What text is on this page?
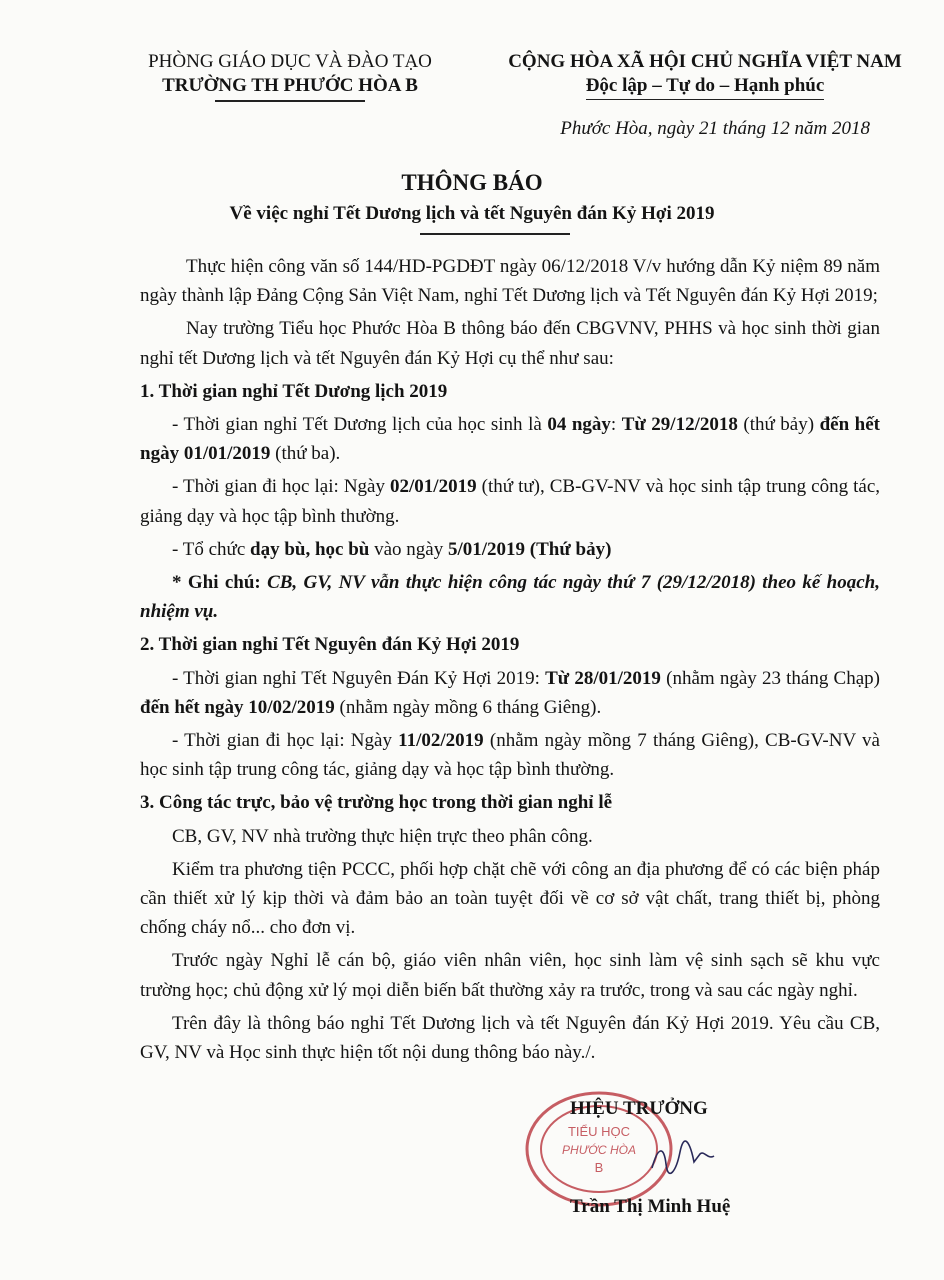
PHÒNG GIÁO DỤC VÀ ĐÀO TẠO
TRƯỜNG TH PHƯỚC HÒA B
CỘNG HÒA XÃ HỘI CHỦ NGHĨA VIỆT NAM
Độc lập – Tự do – Hạnh phúc
Phước Hòa, ngày 21 tháng 12 năm 2018
THÔNG BÁO
Về việc nghỉ Tết Dương lịch và tết Nguyên đán Kỷ Hợi 2019

Thực hiện công văn số 144/HD-PGDĐT ngày 06/12/2018 V/v hướng dẫn Kỷ niệm 89 năm ngày thành lập Đảng Cộng Sản Việt Nam, nghỉ Tết Dương lịch và Tết Nguyên đán Kỷ Hợi 2019;

Nay trường Tiểu học Phước Hòa B thông báo đến CBGVNV, PHHS và học sinh thời gian nghỉ tết Dương lịch và tết Nguyên đán Kỷ Hợi cụ thể như sau:

1. Thời gian nghỉ Tết Dương lịch 2019

- Thời gian nghỉ Tết Dương lịch của học sinh là 04 ngày: Từ 29/12/2018 (thứ bảy) đến hết ngày 01/01/2019 (thứ ba).

- Thời gian đi học lại: Ngày 02/01/2019 (thứ tư), CB-GV-NV và học sinh tập trung công tác, giảng dạy và học tập bình thường.

- Tổ chức dạy bù, học bù vào ngày 5/01/2019 (Thứ bảy)

* Ghi chú: CB, GV, NV vẫn thực hiện công tác ngày thứ 7 (29/12/2018) theo kế hoạch, nhiệm vụ.

2. Thời gian nghỉ Tết Nguyên đán Kỷ Hợi 2019

- Thời gian nghỉ Tết Nguyên Đán Kỷ Hợi 2019: Từ 28/01/2019 (nhằm ngày 23 tháng Chạp) đến hết ngày 10/02/2019 (nhằm ngày mồng 6 tháng Giêng).

- Thời gian đi học lại: Ngày 11/02/2019 (nhằm ngày mồng 7 tháng Giêng), CB-GV-NV và học sinh tập trung công tác, giảng dạy và học tập bình thường.

3. Công tác trực, bảo vệ trường học trong thời gian nghỉ lễ

CB, GV, NV nhà trường thực hiện trực theo phân công.

Kiểm tra phương tiện PCCC, phối hợp chặt chẽ với công an địa phương để có các biện pháp cần thiết xử lý kịp thời và đảm bảo an toàn tuyệt đối về cơ sở vật chất, trang thiết bị, phòng chống cháy nổ... cho đơn vị.

Trước ngày Nghỉ lễ cán bộ, giáo viên nhân viên, học sinh làm vệ sinh sạch sẽ khu vực trường học; chủ động xử lý mọi diễn biến bất thường xảy ra trước, trong và sau các ngày nghỉ.

Trên đây là thông báo nghỉ Tết Dương lịch và tết Nguyên đán Kỷ Hợi 2019. Yêu cầu CB, GV, NV và Học sinh thực hiện tốt nội dung thông báo này./.

TIỂU HỌC
PHƯỚC HÒA
B
HIỆU TRƯỞNG
Trần Thị Minh Huệ
